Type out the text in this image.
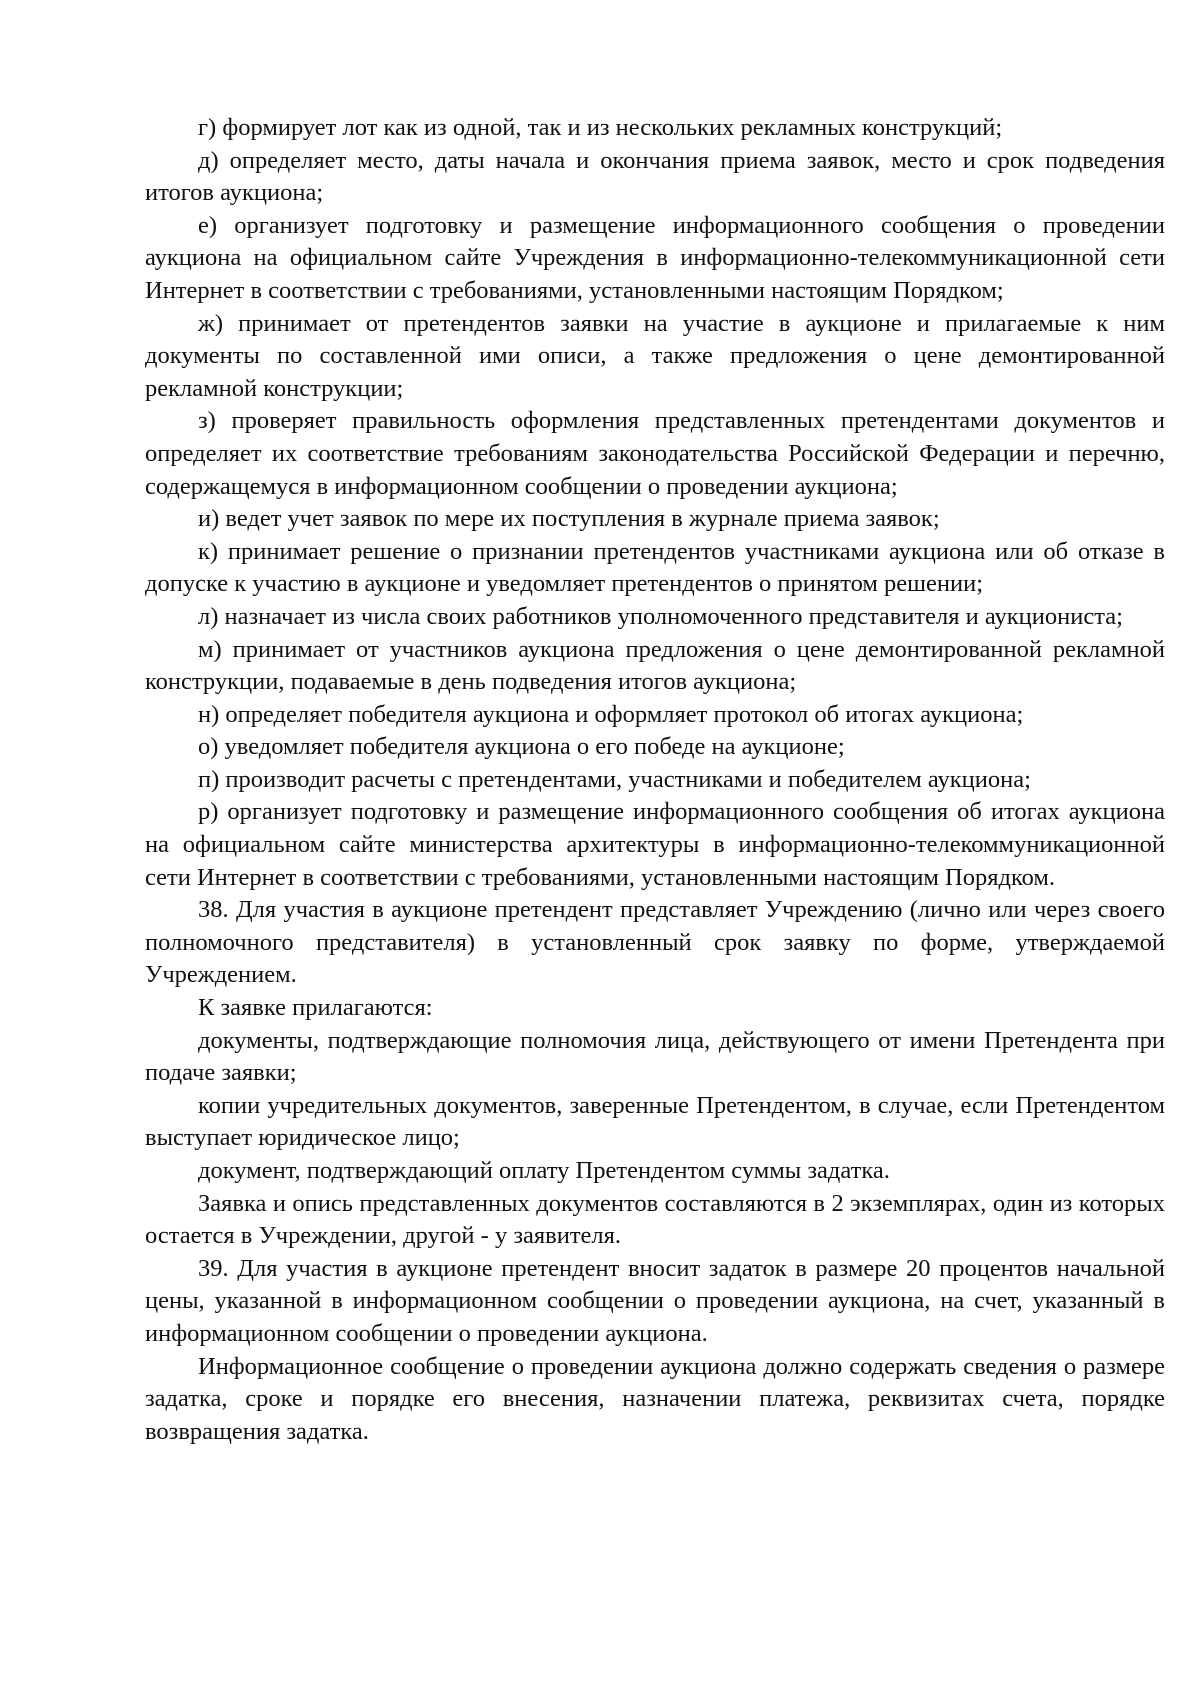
г) формирует лот как из одной, так и из нескольких рекламных конструкций;

д) определяет место, даты начала и окончания приема заявок, место и срок подведения итогов аукциона;

е) организует подготовку и размещение информационного сообщения о проведении аукциона на официальном сайте Учреждения в информационно-телекоммуникационной сети Интернет в соответствии с требованиями, установленными настоящим Порядком;

ж) принимает от претендентов заявки на участие в аукционе и прилагаемые к ним документы по составленной ими описи, а также предложения о цене демонтированной рекламной конструкции;

з) проверяет правильность оформления представленных претендентами документов и определяет их соответствие требованиям законодательства Российской Федерации и перечню, содержащемуся в информационном сообщении о проведении аукциона;

и) ведет учет заявок по мере их поступления в журнале приема заявок;

к) принимает решение о признании претендентов участниками аукциона или об отказе в допуске к участию в аукционе и уведомляет претендентов о принятом решении;

л) назначает из числа своих работников уполномоченного представителя и аукциониста;

м) принимает от участников аукциона предложения о цене демонтированной рекламной конструкции, подаваемые в день подведения итогов аукциона;

н) определяет победителя аукциона и оформляет протокол об итогах аукциона;

о) уведомляет победителя аукциона о его победе на аукционе;

п) производит расчеты с претендентами, участниками и победителем аукциона;

р) организует подготовку и размещение информационного сообщения об итогах аукциона на официальном сайте министерства архитектуры в информационно-телекоммуникационной сети Интернет в соответствии с требованиями, установленными настоящим Порядком.

38. Для участия в аукционе претендент представляет Учреждению (лично или через своего полномочного представителя) в установленный срок заявку по форме, утверждаемой Учреждением.

К заявке прилагаются:

документы, подтверждающие полномочия лица, действующего от имени Претендента при подаче заявки;

копии учредительных документов, заверенные Претендентом, в случае, если Претендентом выступает юридическое лицо;

документ, подтверждающий оплату Претендентом суммы задатка.

Заявка и опись представленных документов составляются в 2 экземплярах, один из которых остается в Учреждении, другой - у заявителя.

39. Для участия в аукционе претендент вносит задаток в размере 20 процентов начальной цены, указанной в информационном сообщении о проведении аукциона, на счет, указанный в информационном сообщении о проведении аукциона.

Информационное сообщение о проведении аукциона должно содержать сведения о размере задатка, сроке и порядке его внесения, назначении платежа, реквизитах счета, порядке возвращения задатка.
